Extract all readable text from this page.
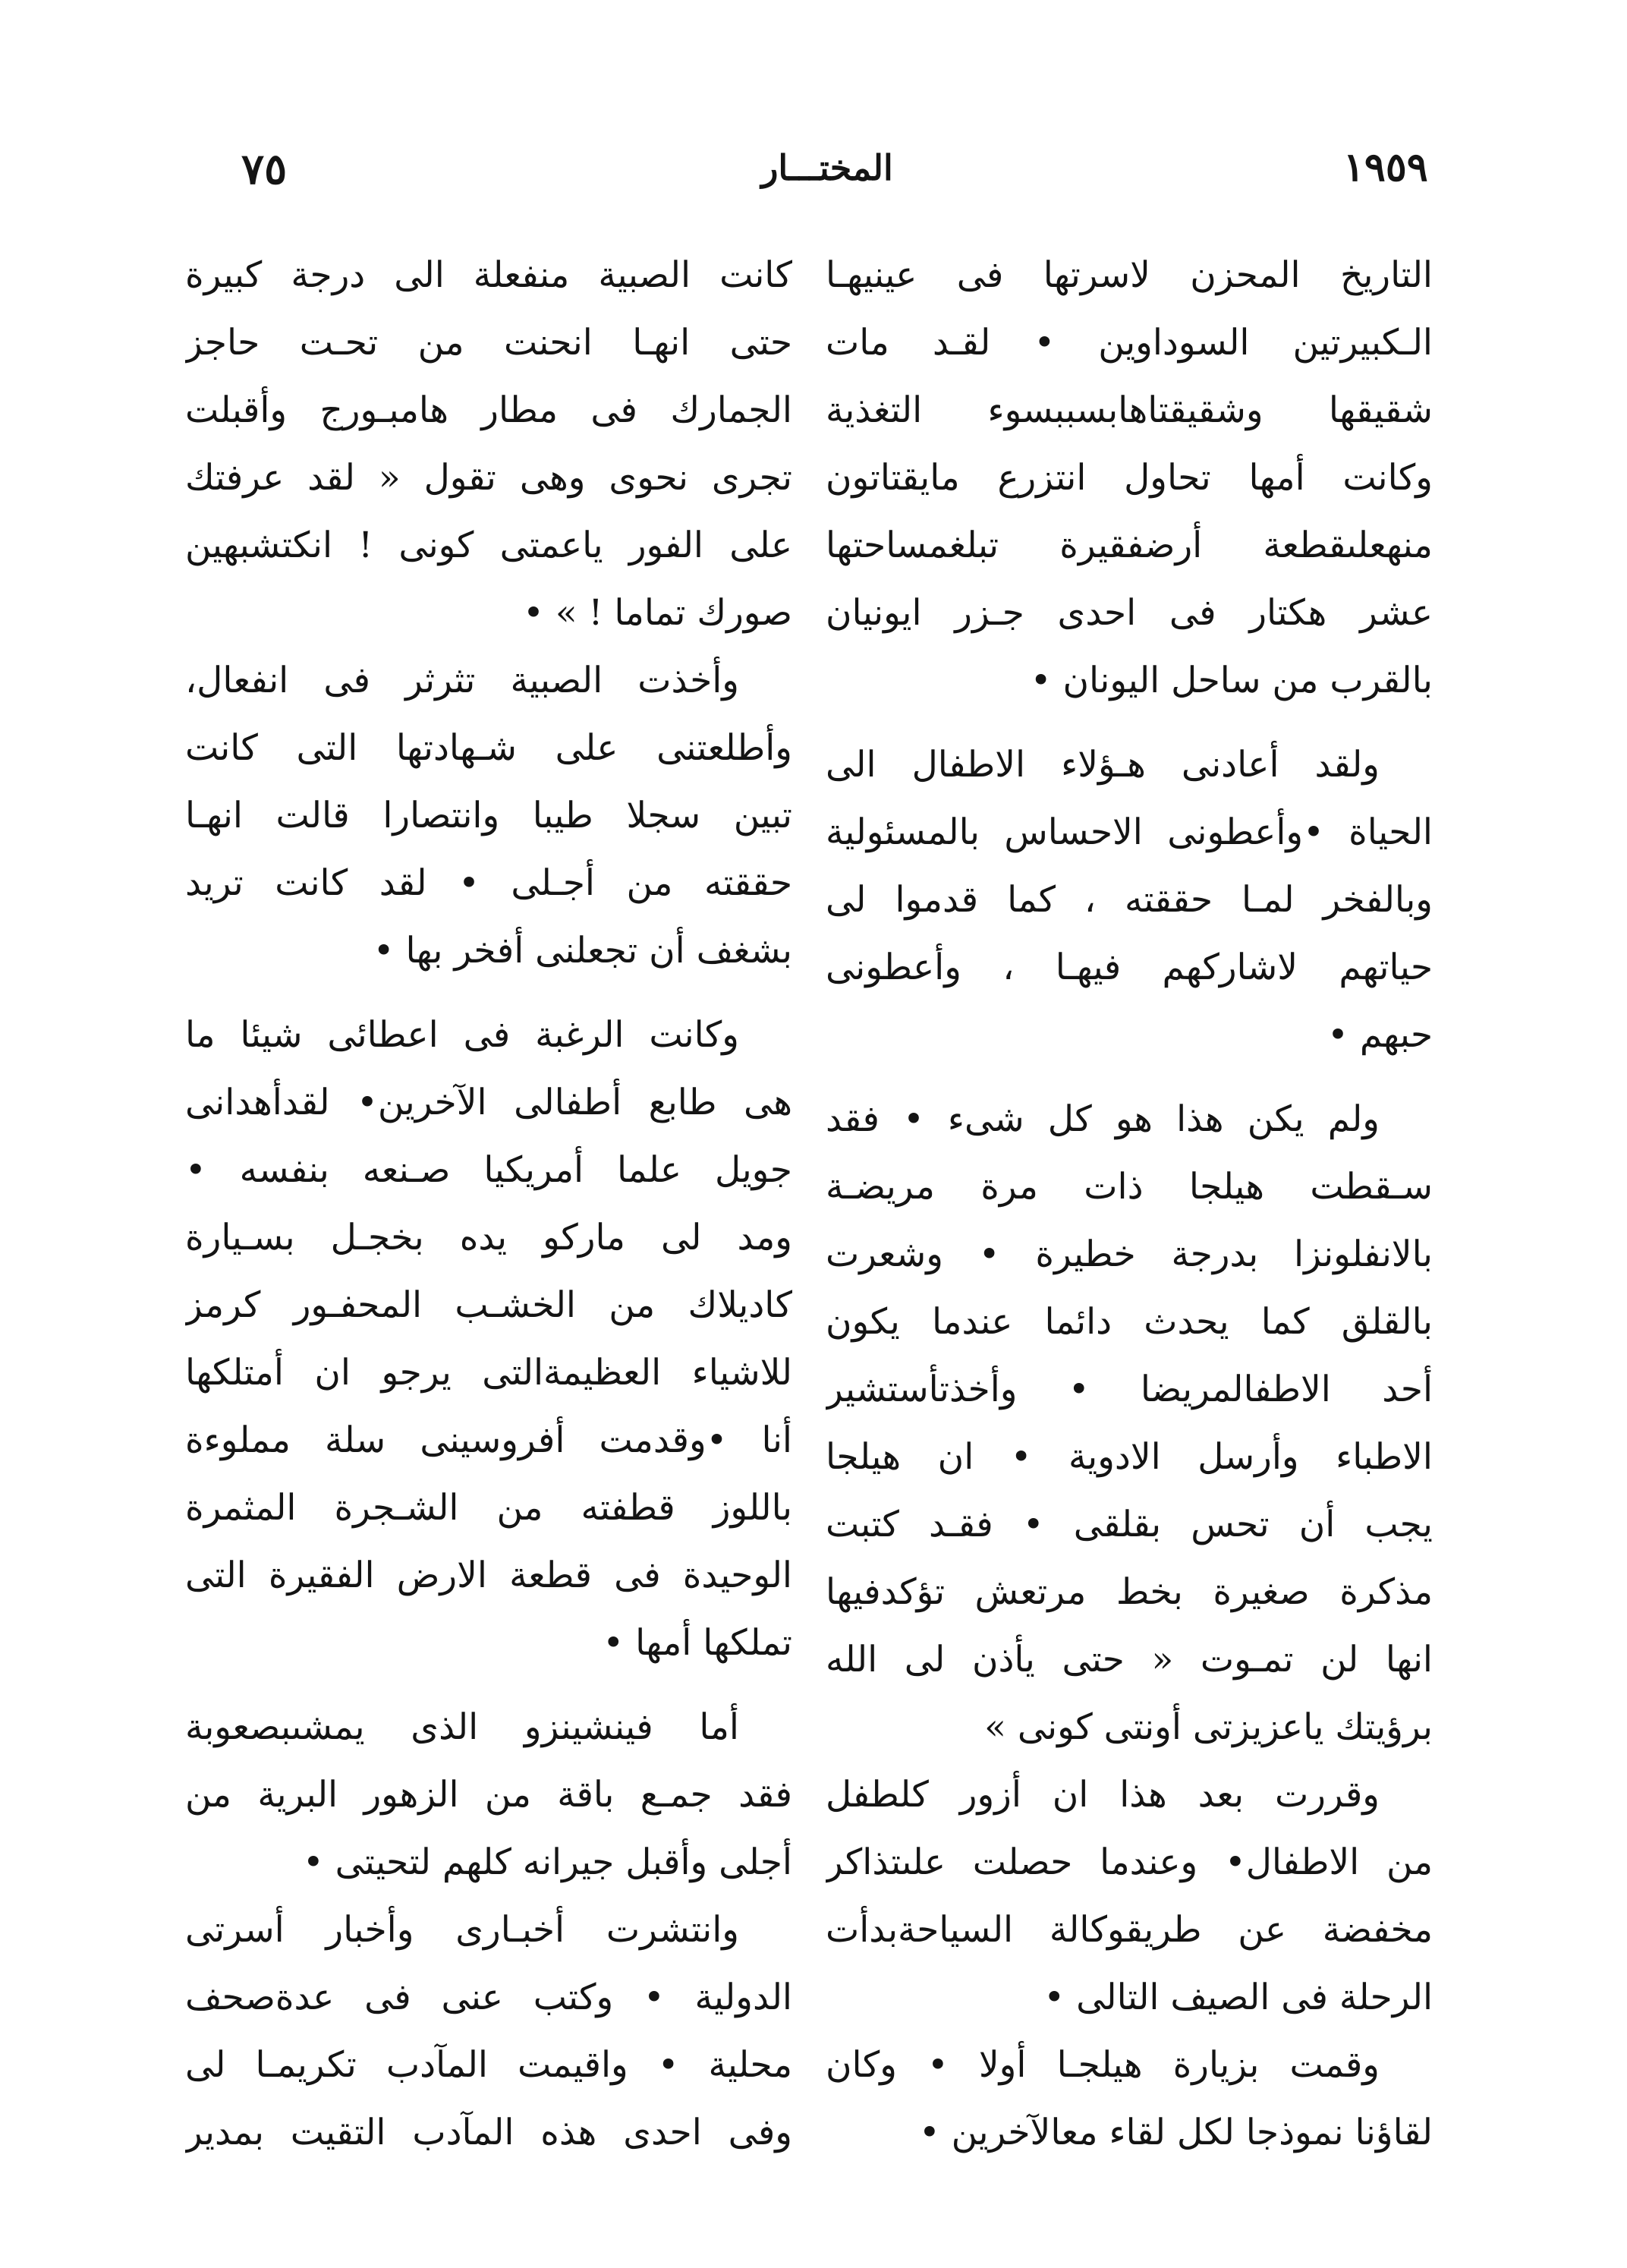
٧٥	المختـــار	١٩٥٩
التاريخ المحزن لاسرتها فى عينيهـا
الـكبيرتين السوداوين • لقـد مات
شقيقها وشقيقتاهابسببسوء التغذية
وكانت أمها تحاول انتزرع مايقتاتون
منهعلىقطعة أرضفقيرة تبلغمساحتها
عشر هكتار فى احدى جـزر ايونيان
بالقرب من ساحل اليونان •
ولقد أعادنى هـؤلاء الاطفال الى
الحياة •وأعطونى الاحساس بالمسئولية
وبالفخر لمـا حققته ، كما قدموا لى
حياتهم لاشاركهم فيهـا ، وأعطونى
حبهم •
ولم يكن هذا هو كل شىء • فقد
سـقطت هيلجا ذات مرة مريضـة
بالانفلونزا بدرجة خطيرة • وشعرت
بالقلق كما يحدث دائما عندما يكون
أحد الاطفالمريضا • وأخذتأستشير
الاطباء وأرسل الادوية • ان هيلجا
يجب أن تحس بقلقى • فقـد كتبت
مذكرة صغيرة بخط مرتعش تؤكدفيها
انها لن تمـوت « حتى يأذن لى الله
برؤيتك ياعزيزتى أونتى كونى »
وقررت بعد هذا ان أزور كلطفل
من الاطفال• وعندما حصلت علىتذاكر
مخفضة عن طريقوكالة السياحةبدأت
الرحلة فى الصيف التالى •
وقمت بزيارة هيلجـا أولا • وكان
لقاؤنا نموذجا لكل لقاء معالآخرين •
كانت الصبية منفعلة الى درجة كبيرة
حتى انهـا انحنت من تحـت حاجز
الجمارك فى مطار هامبـورج وأقبلت
تجرى نحوى وهى تقول « لقد عرفتك
على الفور ياعمتى كونى ! انكتشبهين
صورك تماما ! » •
وأخذت الصبية تثرثر فى انفعال،
وأطلعتنى على شـهادتها التى كانت
تبين سجلا طيبا وانتصارا قالت انهـا
حققته من أجـلى • لقد كانت تريد
بشغف أن تجعلنى أفخر بها •
وكانت الرغبة فى اعطائى شيئا ما
هى طابع أطفالى الآخرين• لقدأهدانى
جويل علما أمريكيا صـنعه بنفسه •
ومد لى ماركو يده بخجـل بسـيارة
كاديلاك من الخشـب المحفـور كرمز
للاشياء العظيمةالتى يرجو ان أمتلكها
أنا •وقدمت أفروسينى سلة مملوءة
باللوز قطفته من الشـجرة المثمرة
الوحيدة فى قطعة الارض الفقيرة التى
تملكها أمها •
أما فينشينزو الذى يمشىبصعوبة
فقد جمـع باقة من الزهور البرية من
أجلى وأقبل جيرانه كلهم لتحيتى •
وانتشرت أخبـارى وأخبار أسرتى
الدولية • وكتب عنى فى عدةصحف
محلية • واقيمت المآدب تكريمـا لى
وفى احدى هذه المآدب التقيت بمدير
